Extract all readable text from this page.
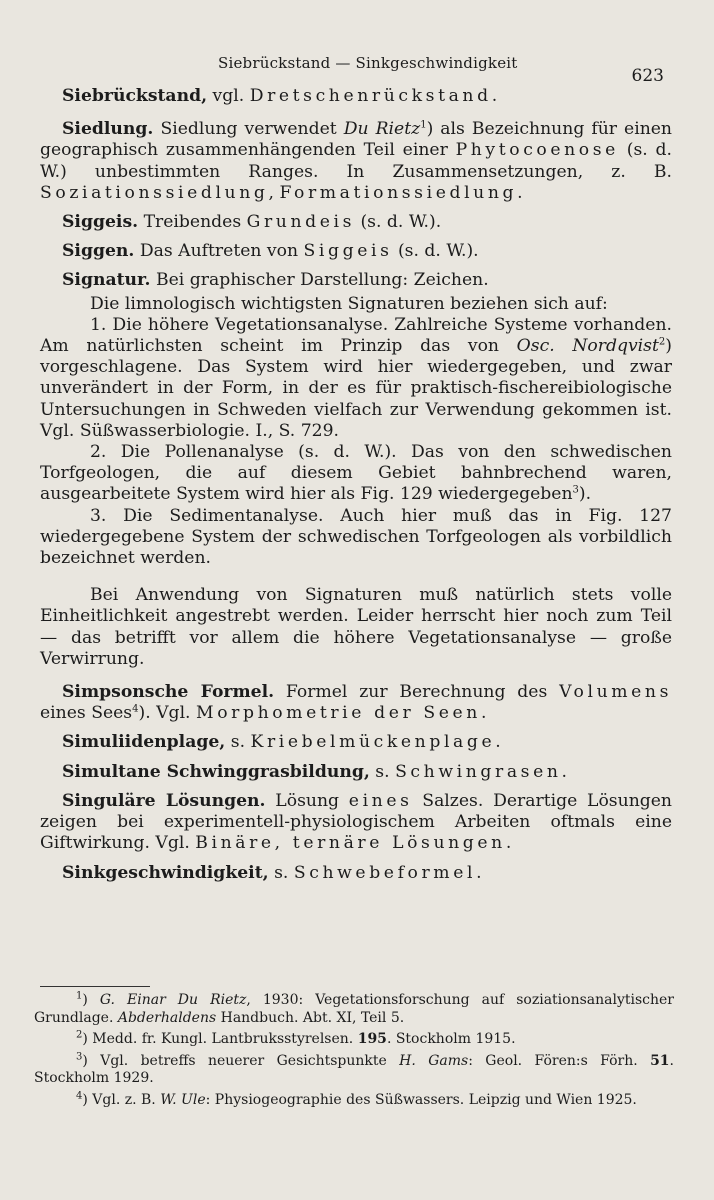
Siebrückstand — Sinkgeschwindigkeit
623

Siebrückstand, vgl. Dretschenrückstand.

Siedlung. Siedlung verwendet Du Rietz$^1$) als Bezeichnung für einen geographisch zusammenhängenden Teil einer Phytocoenose (s. d. W.) unbestimmten Ranges. In Zusammensetzungen, z. B. Soziationssiedlung, Formationssiedlung.

Siggeis. Treibendes Grundeis (s. d. W.).

Siggen. Das Auftreten von Siggeis (s. d. W.).

Signatur. Bei graphischer Darstellung: Zeichen.

Die limnologisch wichtigsten Signaturen beziehen sich auf:

1. Die höhere Vegetationsanalyse. Zahlreiche Systeme vorhanden. Am natürlichsten scheint im Prinzip das von Osc. Nordqvist$^2$) vorgeschlagene. Das System wird hier wiedergegeben, und zwar unverändert in der Form, in der es für praktisch-fischereibiologische Untersuchungen in Schweden vielfach zur Verwendung gekommen ist. Vgl. Süßwasserbiologie. I., S. 729.

2. Die Pollenanalyse (s. d. W.). Das von den schwedischen Torfgeologen, die auf diesem Gebiet bahnbrechend waren, ausgearbeitete System wird hier als Fig. 129 wiedergegeben$^3$).

3. Die Sedimentanalyse. Auch hier muß das in Fig. 127 wiedergegebene System der schwedischen Torfgeologen als vorbildlich bezeichnet werden.

Bei Anwendung von Signaturen muß natürlich stets volle Einheitlichkeit angestrebt werden. Leider herrscht hier noch zum Teil — das betrifft vor allem die höhere Vegetationsanalyse — große Verwirrung.

Simpsonsche Formel. Formel zur Berechnung des Volumens eines Sees$^4$). Vgl. Morphometrie der Seen.

Simuliidenplage, s. Kriebelmückenplage.

Simultane Schwinggrasbildung, s. Schwingrasen.

Singuläre Lösungen. Lösung eines Salzes. Derartige Lösungen zeigen bei experimentell-physiologischem Arbeiten oftmals eine Giftwirkung. Vgl. Binäre, ternäre Lösungen.

Sinkgeschwindigkeit, s. Schwebeformel.

$^1$) G. Einar Du Rietz, 1930: Vegetationsforschung auf soziationsanalytischer Grundlage. Abderhaldens Handbuch. Abt. XI, Teil 5.

$^2$) Medd. fr. Kungl. Lantbruksstyrelsen. 195. Stockholm 1915.

$^3$) Vgl. betreffs neuerer Gesichtspunkte H. Gams: Geol. Fören:s Förh. 51. Stockholm 1929.

$^4$) Vgl. z. B. W. Ule: Physiogeographie des Süßwassers. Leipzig und Wien 1925.
